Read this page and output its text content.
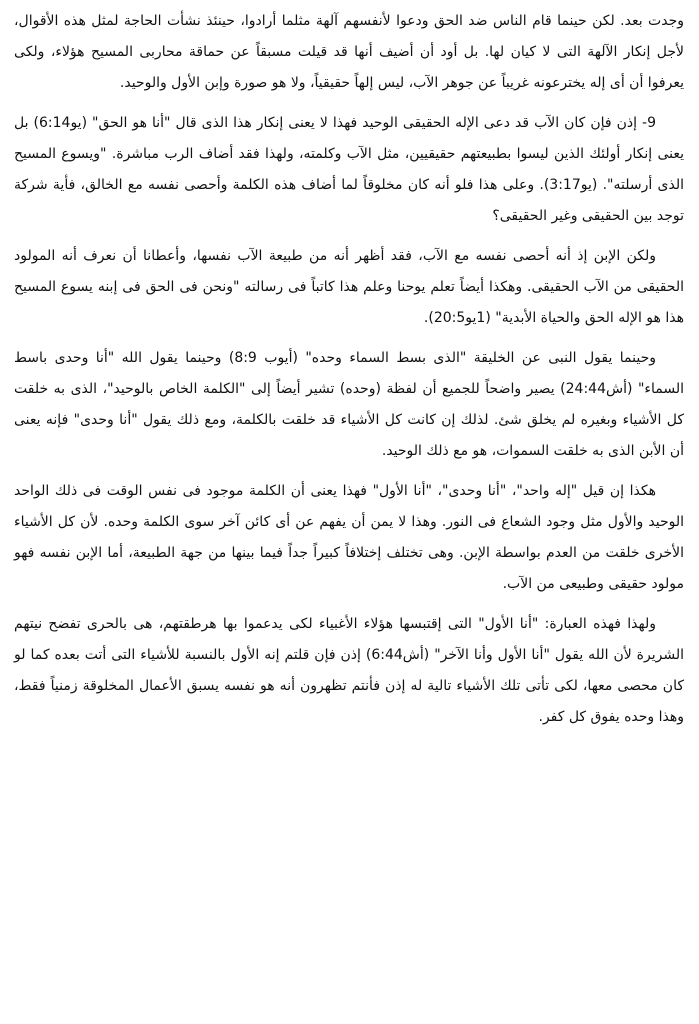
وجدت بعد. لكن حينما قام الناس ضد الحق ودعوا لأنفسهم آلهة مثلما أرادوا، حينئذ نشأت الحاجة لمثل هذه الأقوال، لأجل إنكار الآلهة التى لا كيان لها. بل أود أن أضيف أنها قد قيلت مسبقاً عن حماقة محاربى المسيح هؤلاء، ولكى يعرفوا أن أى إله يخترعونه غريباً عن جوهر الآب، ليس إلهاً حقيقياً، ولا هو صورة وإبن الأول والوحيد.

9- إذن فإن كان الآب قد دعى الإله الحقيقى الوحيد فهذا لا يعنى إنكار هذا الذى قال "أنا هو الحق" (يو6:14) بل يعنى إنكار أولئك الذين ليسوا بطبيعتهم حقيقيين، مثل الآب وكلمته، ولهذا فقد أضاف الرب مباشرة. "ويسوع المسيح الذى أرسلته". (يو3:17). وعلى هذا فلو أنه كان مخلوقاً لما أضاف هذه الكلمة وأحصى نفسه مع الخالق، فأية شركة توجد بين الحقيقى وغير الحقيقى؟

ولكن الإبن إذ أنه أحصى نفسه مع الآب، فقد أظهر أنه من طبيعة الآب نفسها، وأعطانا أن نعرف أنه المولود الحقيقى من الآب الحقيقى. وهكذا أيضاً تعلم يوحنا وعلم هذا كاتباً فى رسالته "ونحن فى الحق فى إبنه يسوع المسيح هذا هو الإله الحق والحياة الأبدية" (1يو20:5).

وحينما يقول النبى عن الخليقة "الذى بسط السماء وحده" (أيوب 8:9) وحينما يقول الله "أنا وحدى باسط السماء" (أش24:44) يصير واضحاً للجميع أن لفظة (وحده) تشير أيضاً إلى "الكلمة الخاص بالوحيد"، الذى به خلقت كل الأشياء وبغيره لم يخلق شئ. لذلك إن كانت كل الأشياء قد خلقت بالكلمة، ومع ذلك يقول "أنا وحدى" فإنه يعنى أن الأبن الذى به خلقت السموات، هو مع ذلك الوحيد.

هكذا إن قيل "إله واحد"، "أنا وحدى"، "أنا الأول" فهذا يعنى أن الكلمة موجود فى نفس الوقت فى ذلك الواحد الوحيد والأول مثل وجود الشعاع فى النور. وهذا لا يمن أن يفهم عن أى كائن آخر سوى الكلمة وحده. لأن كل الأشياء الأخرى خلقت من العدم بواسطة الإبن. وهى تختلف إختلافاً كبيراً جداً فيما بينها من جهة الطبيعة، أما الإبن نفسه فهو مولود حقيقى وطبيعى من الآب.

ولهذا فهذه العبارة: "أنا الأول" التى إقتبسها هؤلاء الأغبياء لكى يدعموا بها هرطقتهم، هى بالحرى تفضح نيتهم الشريرة لأن الله يقول "أنا الأول وأنا الآخر" (أش6:44) إذن فإن قلتم إنه الأول بالنسبة للأشياء التى أتت بعده كما لو كان محصى معها، لكى تأتى تلك الأشياء تالية له إذن فأنتم تظهرون أنه هو نفسه يسبق الأعمال المخلوقة زمنياً فقط، وهذا وحده يفوق كل كفر.
